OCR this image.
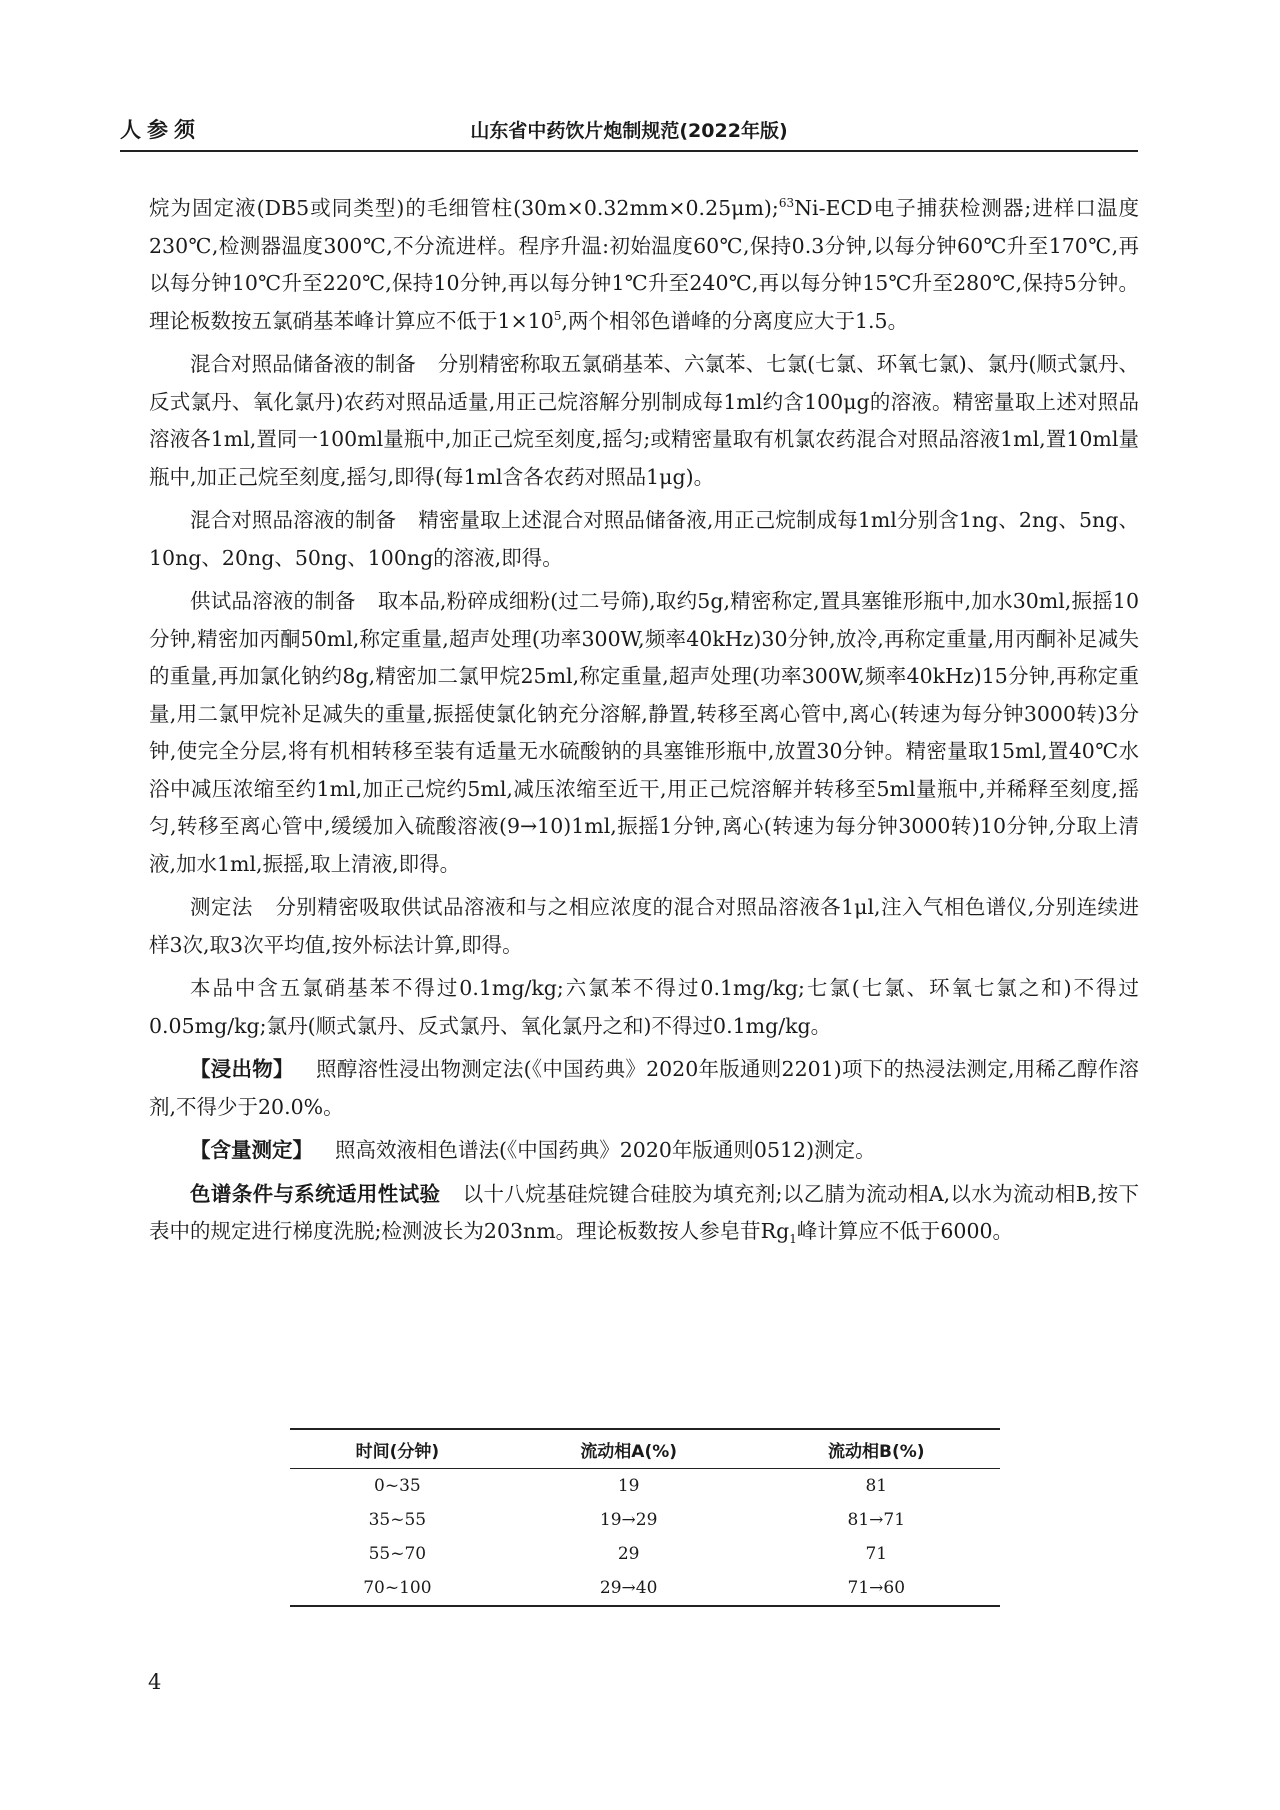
人参须	山东省中药饮片炮制规范(2022年版)

烷为固定液(DB5或同类型)的毛细管柱(30m×0.32mm×0.25μm);$^{63}$Ni-ECD电子捕获检测器;进样口温度230℃,检测器温度300℃,不分流进样。程序升温:初始温度60℃,保持0.3分钟,以每分钟60℃升至170℃,再以每分钟10℃升至220℃,保持10分钟,再以每分钟1℃升至240℃,再以每分钟15℃升至280℃,保持5分钟。理论板数按五氯硝基苯峰计算应不低于$1\times 10^5$,两个相邻色谱峰的分离度应大于1.5。

混合对照品储备液的制备 分别精密称取五氯硝基苯、六氯苯、七氯(七氯、环氧七氯)、氯丹(顺式氯丹、反式氯丹、氧化氯丹)农药对照品适量,用正己烷溶解分别制成每1ml约含100μg的溶液。精密量取上述对照品溶液各1ml,置同一100ml量瓶中,加正己烷至刻度,摇匀;或精密量取有机氯农药混合对照品溶液1ml,置10ml量瓶中,加正己烷至刻度,摇匀,即得(每1ml含各农药对照品1μg)。

混合对照品溶液的制备 精密量取上述混合对照品储备液,用正己烷制成每1ml分别含1ng、2ng、5ng、10ng、20ng、50ng、100ng的溶液,即得。

供试品溶液的制备 取本品,粉碎成细粉(过二号筛),取约5g,精密称定,置具塞锥形瓶中,加水30ml,振摇10分钟,精密加丙酮50ml,称定重量,超声处理(功率300W,频率40kHz)30分钟,放冷,再称定重量,用丙酮补足减失的重量,再加氯化钠约8g,精密加二氯甲烷25ml,称定重量,超声处理(功率300W,频率40kHz)15分钟,再称定重量,用二氯甲烷补足减失的重量,振摇使氯化钠充分溶解,静置,转移至离心管中,离心(转速为每分钟3000转)3分钟,使完全分层,将有机相转移至装有适量无水硫酸钠的具塞锥形瓶中,放置30分钟。精密量取15ml,置40℃水浴中减压浓缩至约1ml,加正己烷约5ml,减压浓缩至近干,用正己烷溶解并转移至5ml量瓶中,并稀释至刻度,摇匀,转移至离心管中,缓缓加入硫酸溶液(9→10)1ml,振摇1分钟,离心(转速为每分钟3000转)10分钟,分取上清液,加水1ml,振摇,取上清液,即得。

测定法 分别精密吸取供试品溶液和与之相应浓度的混合对照品溶液各1μl,注入气相色谱仪,分别连续进样3次,取3次平均值,按外标法计算,即得。

本品中含五氯硝基苯不得过0.1mg/kg;六氯苯不得过0.1mg/kg;七氯(七氯、环氧七氯之和)不得过0.05mg/kg;氯丹(顺式氯丹、反式氯丹、氧化氯丹之和)不得过0.1mg/kg。

【浸出物】 照醇溶性浸出物测定法(《中国药典》2020年版通则2201)项下的热浸法测定,用稀乙醇作溶剂,不得少于20.0%。

【含量测定】 照高效液相色谱法(《中国药典》2020年版通则0512)测定。

色谱条件与系统适用性试验 以十八烷基硅烷键合硅胶为填充剂;以乙腈为流动相A,以水为流动相B,按下表中的规定进行梯度洗脱;检测波长为203nm。理论板数按人参皂苷$Rg_1$峰计算应不低于6000。

时间(分钟)	流动相A(%)	流动相B(%)
0~35	19	81
35~55	19→29	81→71
55~70	29	71
70~100	29→40	71→60
4
